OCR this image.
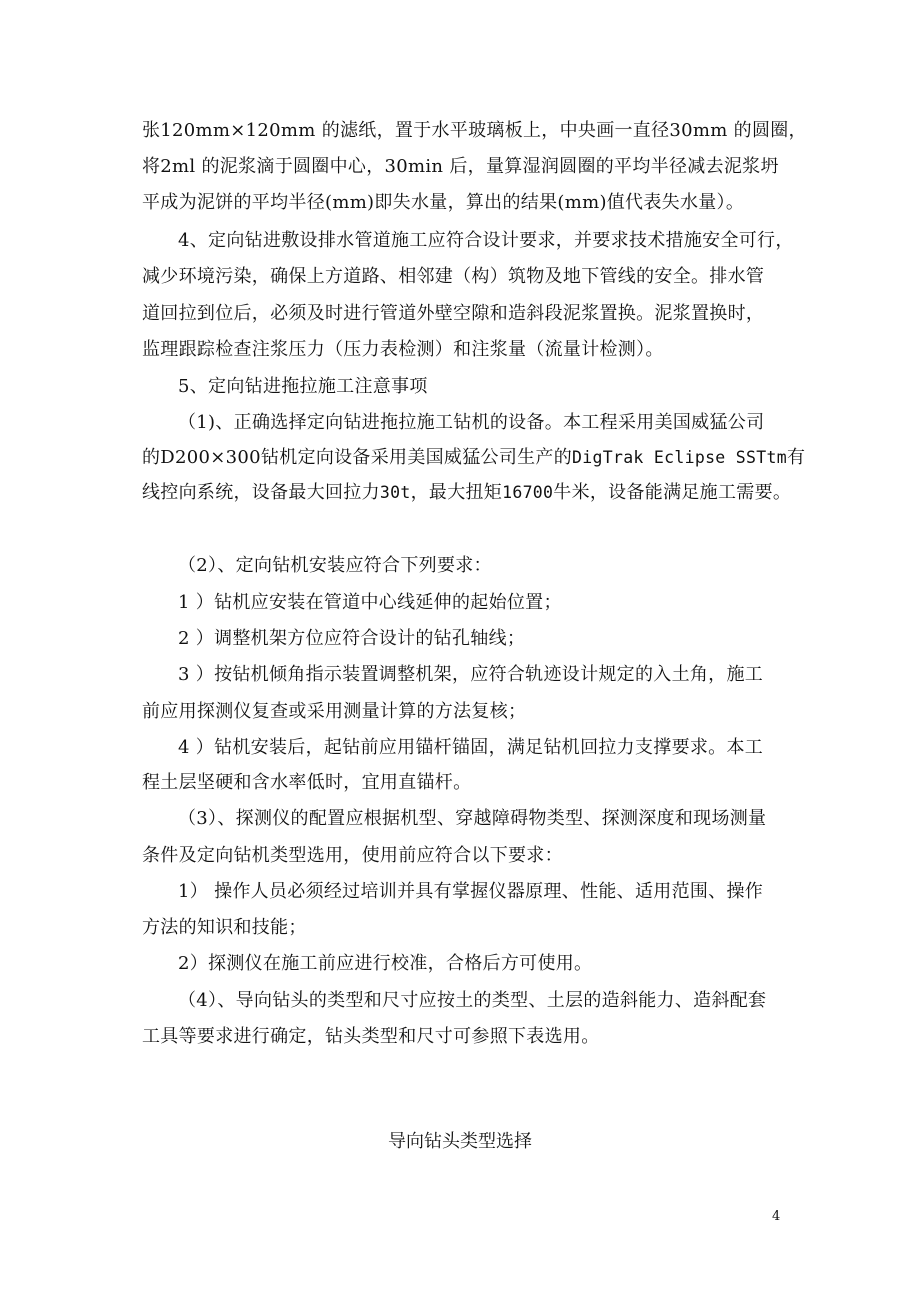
张120mm×120mm 的滤纸，置于水平玻璃板上，中央画一直径30mm 的圆圈，
将2ml 的泥浆滴于圆圈中心，30min 后，量算湿润圆圈的平均半径减去泥浆坍
平成为泥饼的平均半径(mm)即失水量，算出的结果(mm)值代表失水量）。
4、定向钻进敷设排水管道施工应符合设计要求，并要求技术措施安全可行，
减少环境污染，确保上方道路、相邻建（构）筑物及地下管线的安全。排水管
道回拉到位后，必须及时进行管道外壁空隙和造斜段泥浆置换。泥浆置换时，
监理跟踪检查注浆压力（压力表检测）和注浆量（流量计检测）。
5、定向钻进拖拉施工注意事项
（1)、正确选择定向钻进拖拉施工钻机的设备。本工程采用美国威猛公司
的D200×300钻机定向设备采用美国威猛公司生产的DigTrak Eclipse SSTtm有
线控向系统，设备最大回拉力30t，最大扭矩16700牛米，设备能满足施工需要。
（2）、定向钻机安装应符合下列要求：
1 ）钻机应安装在管道中心线延伸的起始位置；
2 ）调整机架方位应符合设计的钻孔轴线；
3 ）按钻机倾角指示装置调整机架，应符合轨迹设计规定的入土角，施工
前应用探测仪复查或采用测量计算的方法复核；
4 ）钻机安装后，起钻前应用锚杆锚固，满足钻机回拉力支撑要求。本工
程土层坚硬和含水率低时，宜用直锚杆。
（3）、探测仪的配置应根据机型、穿越障碍物类型、探测深度和现场测量
条件及定向钻机类型选用，使用前应符合以下要求：
1） 操作人员必须经过培训并具有掌握仪器原理、性能、适用范围、操作
方法的知识和技能；
2）探测仪在施工前应进行校准，合格后方可使用。
（4）、导向钻头的类型和尺寸应按土的类型、土层的造斜能力、造斜配套
工具等要求进行确定，钻头类型和尺寸可参照下表选用。
导向钻头类型选择
4
